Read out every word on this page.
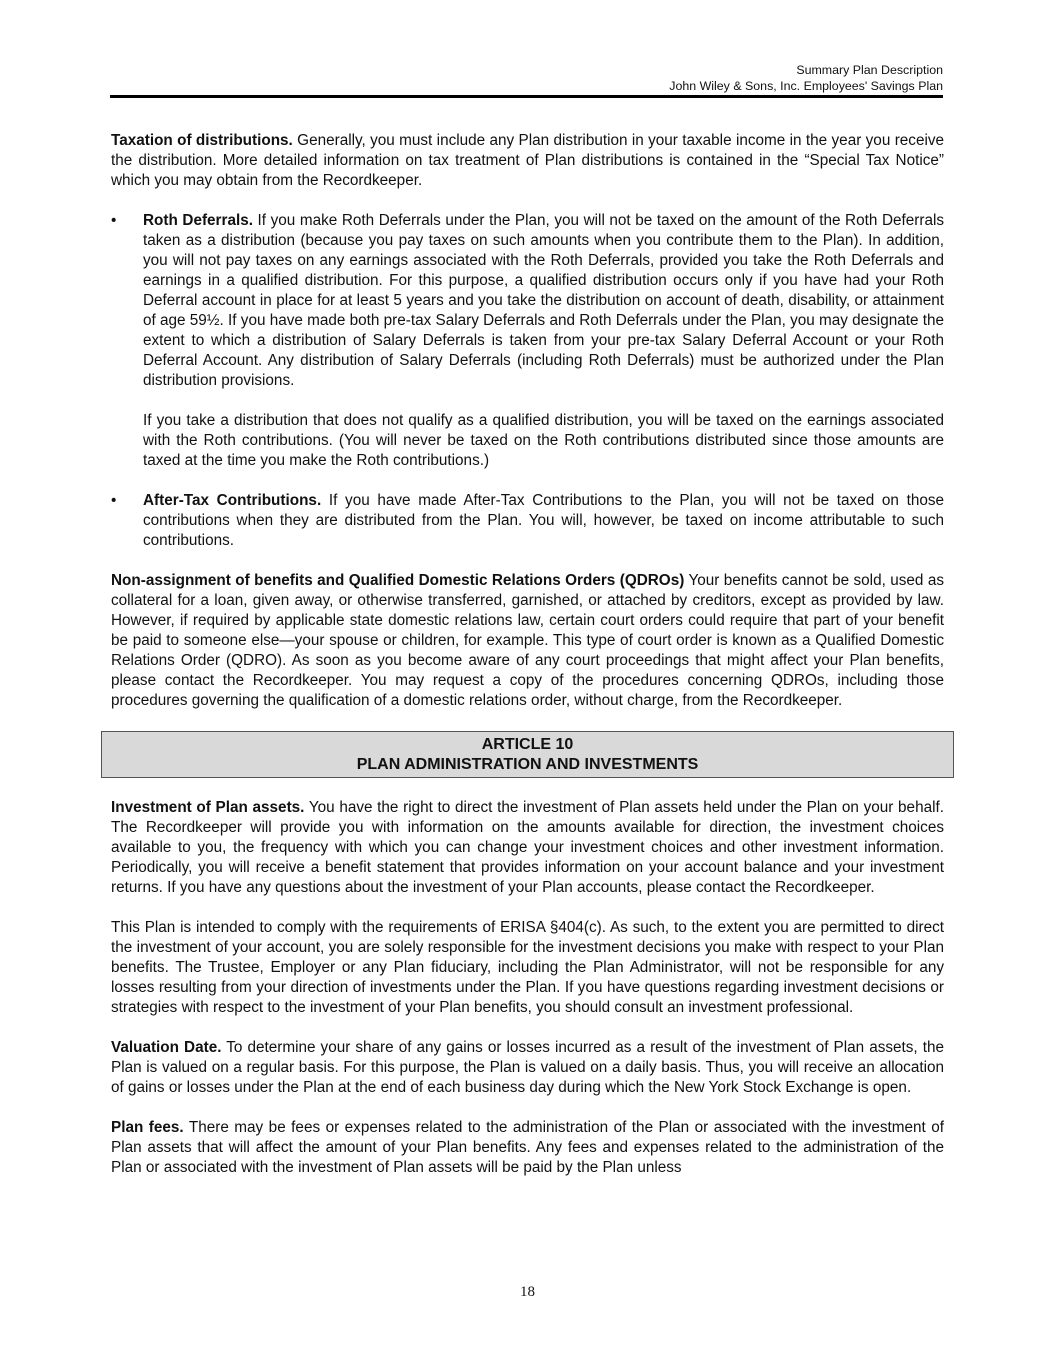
Summary Plan Description
John Wiley & Sons, Inc. Employees' Savings Plan

Taxation of distributions. Generally, you must include any Plan distribution in your taxable income in the year you receive the distribution. More detailed information on tax treatment of Plan distributions is contained in the “Special Tax Notice” which you may obtain from the Recordkeeper.

• Roth Deferrals. If you make Roth Deferrals under the Plan, you will not be taxed on the amount of the Roth Deferrals taken as a distribution (because you pay taxes on such amounts when you contribute them to the Plan). In addition, you will not pay taxes on any earnings associated with the Roth Deferrals, provided you take the Roth Deferrals and earnings in a qualified distribution. For this purpose, a qualified distribution occurs only if you have had your Roth Deferral account in place for at least 5 years and you take the distribution on account of death, disability, or attainment of age 59½. If you have made both pre-tax Salary Deferrals and Roth Deferrals under the Plan, you may designate the extent to which a distribution of Salary Deferrals is taken from your pre-tax Salary Deferral Account or your Roth Deferral Account. Any distribution of Salary Deferrals (including Roth Deferrals) must be authorized under the Plan distribution provisions.

If you take a distribution that does not qualify as a qualified distribution, you will be taxed on the earnings associated with the Roth contributions. (You will never be taxed on the Roth contributions distributed since those amounts are taxed at the time you make the Roth contributions.)

• After-Tax Contributions. If you have made After-Tax Contributions to the Plan, you will not be taxed on those contributions when they are distributed from the Plan. You will, however, be taxed on income attributable to such contributions.

Non-assignment of benefits and Qualified Domestic Relations Orders (QDROs) Your benefits cannot be sold, used as collateral for a loan, given away, or otherwise transferred, garnished, or attached by creditors, except as provided by law. However, if required by applicable state domestic relations law, certain court orders could require that part of your benefit be paid to someone else—your spouse or children, for example. This type of court order is known as a Qualified Domestic Relations Order (QDRO). As soon as you become aware of any court proceedings that might affect your Plan benefits, please contact the Recordkeeper. You may request a copy of the procedures concerning QDROs, including those procedures governing the qualification of a domestic relations order, without charge, from the Recordkeeper.

ARTICLE 10
PLAN ADMINISTRATION AND INVESTMENTS

Investment of Plan assets. You have the right to direct the investment of Plan assets held under the Plan on your behalf. The Recordkeeper will provide you with information on the amounts available for direction, the investment choices available to you, the frequency with which you can change your investment choices and other investment information. Periodically, you will receive a benefit statement that provides information on your account balance and your investment returns. If you have any questions about the investment of your Plan accounts, please contact the Recordkeeper.

This Plan is intended to comply with the requirements of ERISA §404(c). As such, to the extent you are permitted to direct the investment of your account, you are solely responsible for the investment decisions you make with respect to your Plan benefits. The Trustee, Employer or any Plan fiduciary, including the Plan Administrator, will not be responsible for any losses resulting from your direction of investments under the Plan. If you have questions regarding investment decisions or strategies with respect to the investment of your Plan benefits, you should consult an investment professional.

Valuation Date. To determine your share of any gains or losses incurred as a result of the investment of Plan assets, the Plan is valued on a regular basis. For this purpose, the Plan is valued on a daily basis. Thus, you will receive an allocation of gains or losses under the Plan at the end of each business day during which the New York Stock Exchange is open.

Plan fees. There may be fees or expenses related to the administration of the Plan or associated with the investment of Plan assets that will affect the amount of your Plan benefits. Any fees and expenses related to the administration of the Plan or associated with the investment of Plan assets will be paid by the Plan unless

18
